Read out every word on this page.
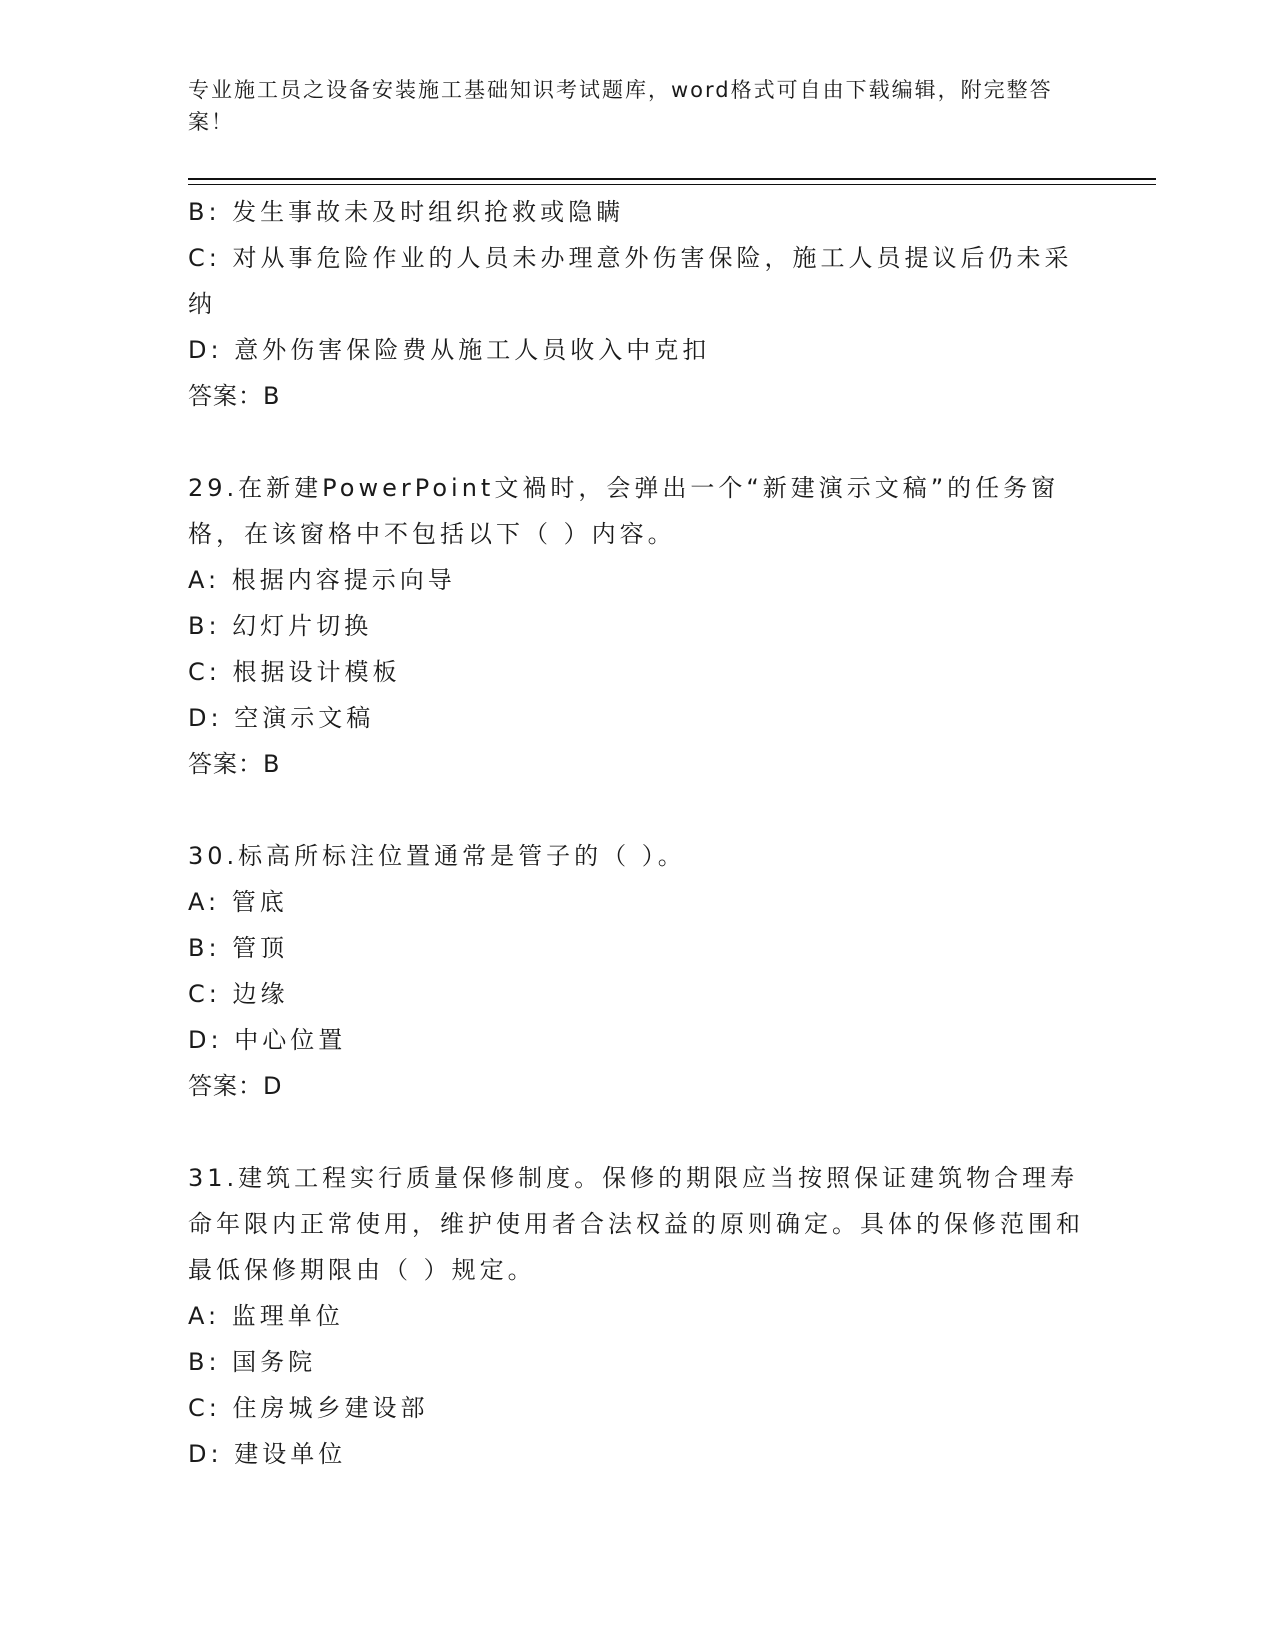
专业施工员之设备安装施工基础知识考试题库，word格式可自由下载编辑，附完整答案！

B: 发生事故未及时组织抢救或隐瞒

C: 对从事危险作业的人员未办理意外伤害保险，施工人员提议后仍未采纳

D: 意外伤害保险费从施工人员收入中克扣

答案：B

29.在新建PowerPoint文禍时，会弹出一个“新建演示文稿”的任务窗格，在该窗格中不包括以下（ ）内容。

A: 根据内容提示向导

B: 幻灯片切换

C: 根据设计模板

D: 空演示文稿

答案：B

30.标高所标注位置通常是管子的（ ）。

A: 管底

B: 管顶

C: 边缘

D: 中心位置

答案：D

31.建筑工程实行质量保修制度。保修的期限应当按照保证建筑物合理寿命年限内正常使用，维护使用者合法权益的原则确定。具体的保修范围和最低保修期限由（ ）规定。

A: 监理单位

B: 国务院

C: 住房城乡建设部

D: 建设单位
